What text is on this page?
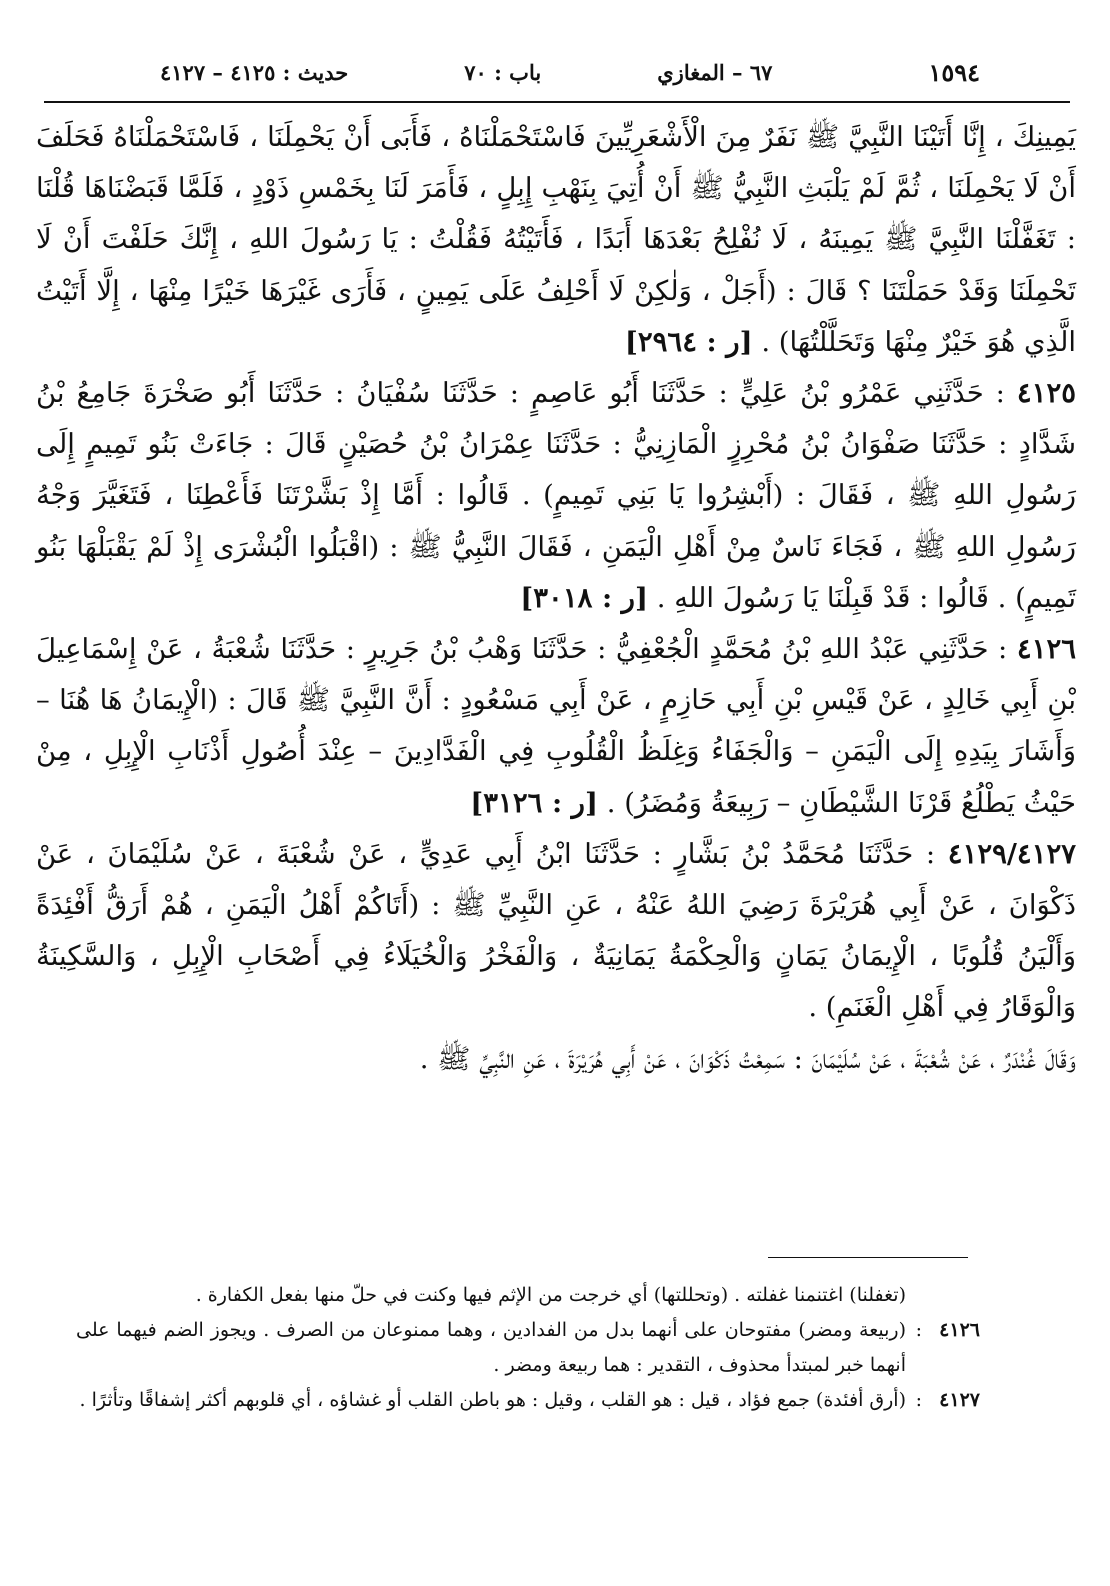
١٥٩٤
٦٧ – المغازي
باب : ٧٠
حديث : ٤١٢٥ – ٤١٢٧

يَمِينِكَ ، إِنَّا أَتَيْنَا النَّبِيَّ ﷺ نَفَرٌ مِنَ الْأَشْعَرِيِّينَ فَاسْتَحْمَلْنَاهُ ، فَأَبَى أَنْ يَحْمِلَنَا ، فَاسْتَحْمَلْنَاهُ فَحَلَفَ أَنْ لَا يَحْمِلَنَا ، ثُمَّ لَمْ يَلْبَثِ النَّبِيُّ ﷺ أَنْ أُتِيَ بِنَهْبِ إِبِلٍ ، فَأَمَرَ لَنَا بِخَمْسِ ذَوْدٍ ، فَلَمَّا قَبَضْنَاهَا قُلْنَا : تَغَفَّلْنَا النَّبِيَّ ﷺ يَمِينَهُ ، لَا نُفْلِحُ بَعْدَهَا أَبَدًا ، فَأَتَيْتُهُ فَقُلْتُ : يَا رَسُولَ اللهِ ، إِنَّكَ حَلَفْتَ أَنْ لَا تَحْمِلَنَا وَقَدْ حَمَلْتَنَا ؟ قَالَ : (أَجَلْ ، وَلٰكِنْ لَا أَحْلِفُ عَلَى يَمِينٍ ، فَأَرَى غَيْرَهَا خَيْرًا مِنْهَا ، إِلَّا أَتَيْتُ الَّذِي هُوَ خَيْرٌ مِنْهَا وَتَحَلَّلْتُهَا) . [ر : ٢٩٦٤]

٤١٢٥ : حَدَّثَنِي عَمْرُو بْنُ عَلِيٍّ : حَدَّثَنَا أَبُو عَاصِمٍ : حَدَّثَنَا سُفْيَانُ : حَدَّثَنَا أَبُو صَخْرَةَ جَامِعُ بْنُ شَدَّادٍ : حَدَّثَنَا صَفْوَانُ بْنُ مُحْرِزٍ الْمَازِنِيُّ : حَدَّثَنَا عِمْرَانُ بْنُ حُصَيْنٍ قَالَ : جَاءَتْ بَنُو تَمِيمٍ إِلَى رَسُولِ اللهِ ﷺ ، فَقَالَ : (أَبْشِرُوا يَا بَنِي تَمِيمٍ) . قَالُوا : أَمَّا إِذْ بَشَّرْتَنَا فَأَعْطِنَا ، فَتَغَيَّرَ وَجْهُ رَسُولِ اللهِ ﷺ ، فَجَاءَ نَاسٌ مِنْ أَهْلِ الْيَمَنِ ، فَقَالَ النَّبِيُّ ﷺ : (اقْبَلُوا الْبُشْرَى إِذْ لَمْ يَقْبَلْهَا بَنُو تَمِيمٍ) . قَالُوا : قَدْ قَبِلْنَا يَا رَسُولَ اللهِ . [ر : ٣٠١٨]

٤١٢٦ : حَدَّثَنِي عَبْدُ اللهِ بْنُ مُحَمَّدٍ الْجُعْفِيُّ : حَدَّثَنَا وَهْبُ بْنُ جَرِيرٍ : حَدَّثَنَا شُعْبَةُ ، عَنْ إِسْمَاعِيلَ بْنِ أَبِي خَالِدٍ ، عَنْ قَيْسِ بْنِ أَبِي حَازِمٍ ، عَنْ أَبِي مَسْعُودٍ : أَنَّ النَّبِيَّ ﷺ قَالَ : (الْإِيمَانُ هَا هُنَا – وَأَشَارَ بِيَدِهِ إِلَى الْيَمَنِ – وَالْجَفَاءُ وَغِلَظُ الْقُلُوبِ فِي الْفَدَّادِينَ – عِنْدَ أُصُولِ أَذْنَابِ الْإِبِلِ ، مِنْ حَيْثُ يَطْلُعُ قَرْنَا الشَّيْطَانِ – رَبِيعَةُ وَمُضَرُ) . [ر : ٣١٢٦]

٤١٢٩/٤١٢٧ : حَدَّثَنَا مُحَمَّدُ بْنُ بَشَّارٍ : حَدَّثَنَا ابْنُ أَبِي عَدِيٍّ ، عَنْ شُعْبَةَ ، عَنْ سُلَيْمَانَ ، عَنْ ذَكْوَانَ ، عَنْ أَبِي هُرَيْرَةَ رَضِيَ اللهُ عَنْهُ ، عَنِ النَّبِيِّ ﷺ : (أَتَاكُمْ أَهْلُ الْيَمَنِ ، هُمْ أَرَقُّ أَفْئِدَةً وَأَلْيَنُ قُلُوبًا ، الْإِيمَانُ يَمَانٍ وَالْحِكْمَةُ يَمَانِيَةٌ ، وَالْفَخْرُ وَالْخُيَلَاءُ فِي أَصْحَابِ الْإِبِلِ ، وَالسَّكِينَةُ وَالْوَقَارُ فِي أَهْلِ الْغَنَمِ) .

وَقَالَ غُنْدَرٌ ، عَنْ شُعْبَةَ ، عَنْ سُلَيْمَانَ : سَمِعْتُ ذَكْوَانَ ، عَنْ أَبِي هُرَيْرَةَ ، عَنِ النَّبِيِّ ﷺ .

(تغفلنا) اغتنمنا غفلته . (وتحللتها) أي خرجت من الإثم فيها وكنت في حلّ منها بفعل الكفارة .
٤١٢٦
:
(ربيعة ومضر) مفتوحان على أنهما بدل من الفدادين ، وهما ممنوعان من الصرف . ويجوز الضم فيهما على أنهما خبر لمبتدأ محذوف ، التقدير : هما ربيعة ومضر .
٤١٢٧
:
(أرق أفئدة) جمع فؤاد ، قيل : هو القلب ، وقيل : هو باطن القلب أو غشاؤه ، أي قلوبهم أكثر إشفاقًا وتأثرًا .
